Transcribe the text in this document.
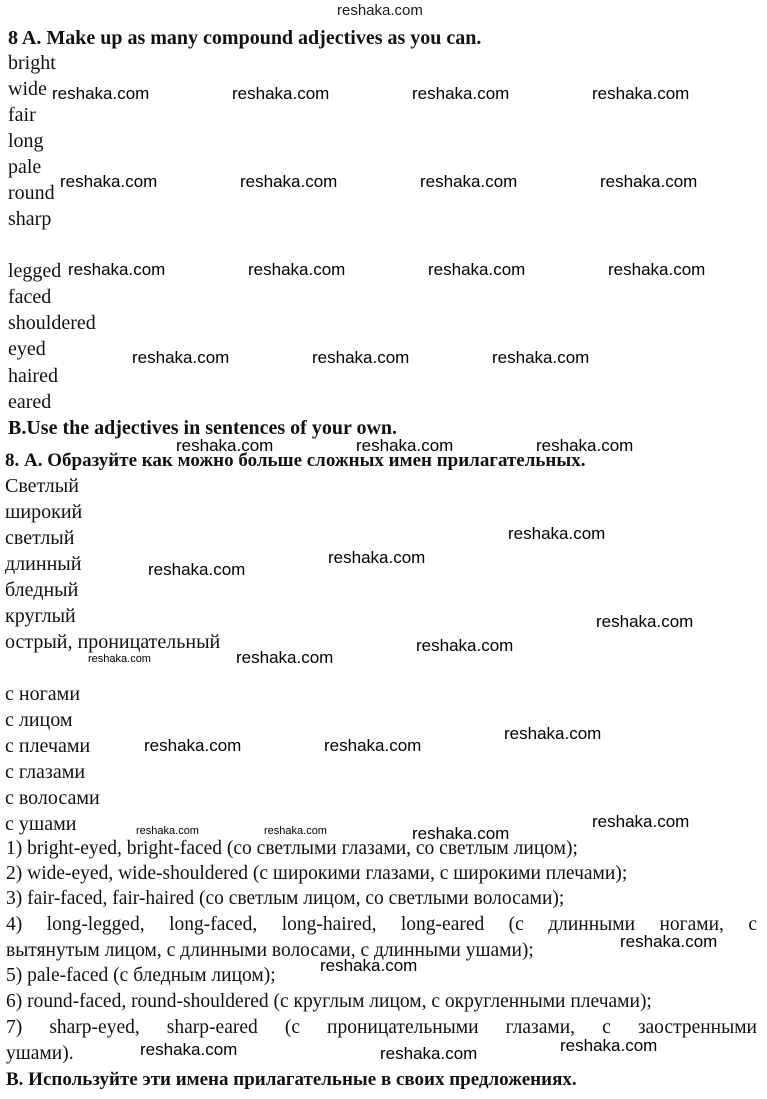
reshaka.com
8 A. Make up as many compound adjectives as you can.
bright
wide
fair
long
pale
round
sharp
legged
faced
shouldered
eyed
haired
eared
B.Use the adjectives in sentences of your own.
8. А. Образуйте как можно больше сложных имен прилагательных.
Светлый
широкий
светлый
длинный
бледный
круглый
острый, проницательный
с ногами
с лицом
с плечами
с глазами
с волосами
с ушами
1) bright-eyed, bright-faced (со светлыми глазами, со светлым лицом);
2) wide-eyed, wide-shouldered (с широкими глазами, с широкими плечами);
3) fair-faced, fair-haired (со светлым лицом, со светлыми волосами);
4) long-legged, long-faced, long-haired, long-eared (с длинными ногами, с
вытянутым лицом, с длинными волосами, с длинными ушами);
5) pale-faced (с бледным лицом);
6) round-faced, round-shouldered (с круглым лицом, с округленными плечами);
7) sharp-eyed, sharp-eared (с проницательными глазами, с заостренными
ушами).
В. Используйте эти имена прилагательные в своих предложениях.
reshaka.com	reshaka.com	reshaka.com	reshaka.com
reshaka.com	reshaka.com	reshaka.com	reshaka.com
reshaka.com	reshaka.com	reshaka.com	reshaka.com
reshaka.com	reshaka.com	reshaka.com
reshaka.com	reshaka.com	reshaka.com
reshaka.com
reshaka.com
reshaka.com
reshaka.com
reshaka.com
reshaka.com
reshaka.com
reshaka.com
reshaka.com	reshaka.com
reshaka.com
reshaka.com	reshaka.com	reshaka.com
reshaka.com
reshaka.com
reshaka.com
reshaka.com	reshaka.com
